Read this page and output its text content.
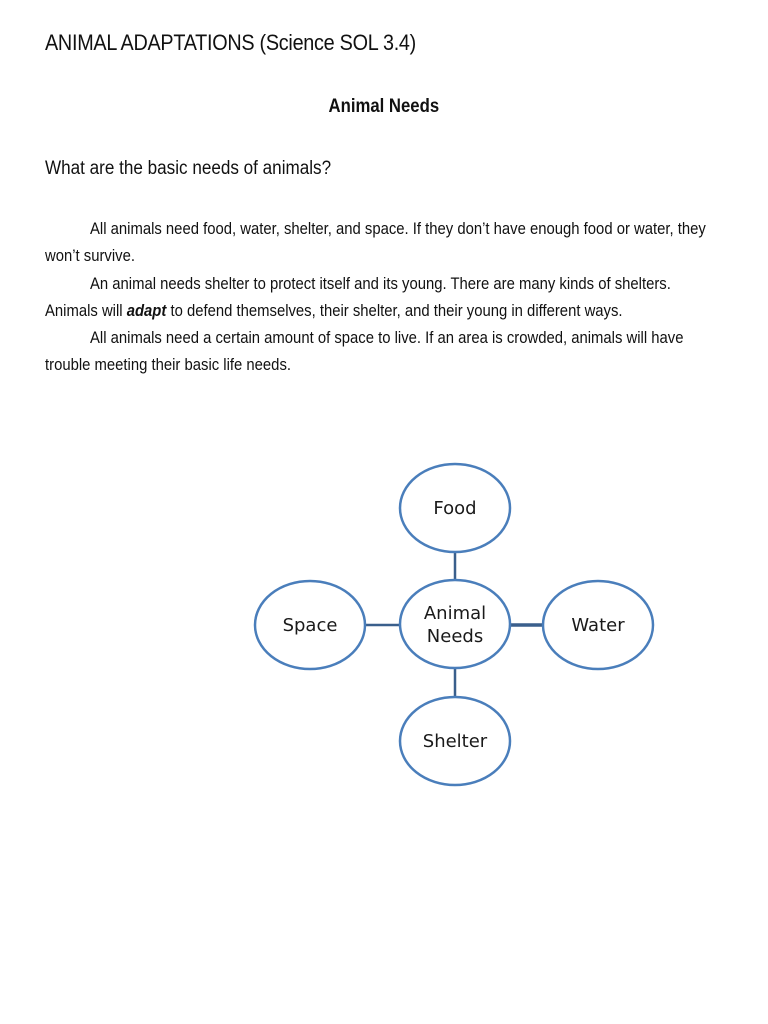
ANIMAL ADAPTATIONS (Science SOL 3.4)
Animal Needs
What are the basic needs of animals?

All animals need food, water, shelter, and space. If they don’t have enough food or water, they won’t survive.

An animal needs shelter to protect itself and its young. There are many kinds of shelters. Animals will adapt to defend themselves, their shelter, and their young in different ways.

All animals need a certain amount of space to live. If an area is crowded, animals will have trouble meeting their basic life needs.

Food
Animal
Needs
Space	Water
Shelter
